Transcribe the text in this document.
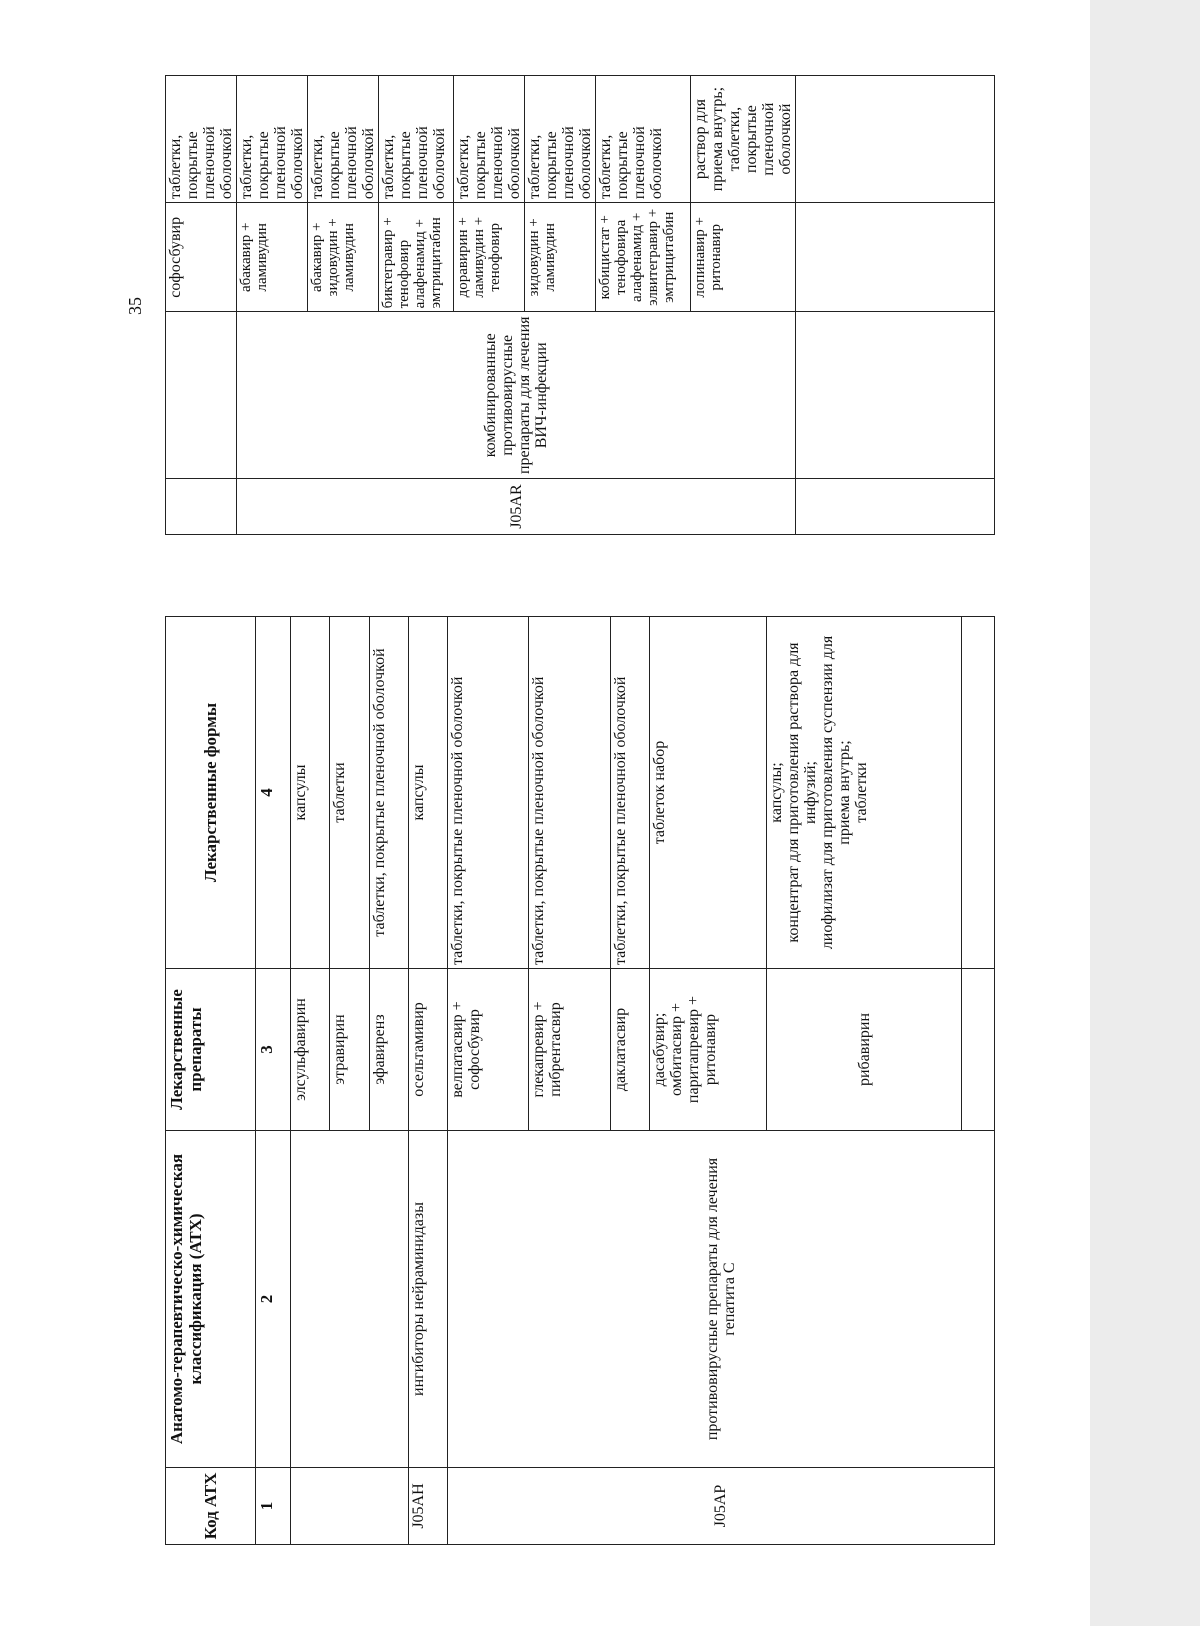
35
Код АТХ	Анатомо-терапевтическо-химическая классификация (АТХ)	Лекарственные препараты	Лекарственные формы
1	2	3	4
		элсульфавирин	капсулы
		этравирин	таблетки
		эфавиренз	таблетки, покрытые пленочной оболочкой
J05AH	ингибиторы нейраминидазы	осельтамивир	капсулы
J05AP	противовирусные препараты для лечения гепатита С	велпатасвир + софосбувир	таблетки, покрытые пленочной оболочкой
		глекапревир + пибрентасвир	таблетки, покрытые пленочной оболочкой
		даклатасвир	таблетки, покрытые пленочной оболочкой
		дасабувир; омбитасвир + паритапревир + ритонавир	таблеток набор
		рибавирин	капсулы; концентрат для приготовления раствора для инфузий; лиофилизат для приготовления суспензии для приема внутрь; таблетки

		софосбувир	таблетки, покрытые пленочной оболочкой
J05AR	комбинированные противовирусные препараты для лечения ВИЧ-инфекции	абакавир + ламивудин	таблетки, покрытые пленочной оболочкой
		абакавир + зидовудин + ламивудин	таблетки, покрытые пленочной оболочкой
		биктегравир + тенофовир алафенамид + эмтрицитабин	таблетки, покрытые пленочной оболочкой
		доравирин + ламивудин + тенофовир	таблетки, покрытые пленочной оболочкой
		зидовудин + ламивудин	таблетки, покрытые пленочной оболочкой
		кобицистат + тенофовира алафенамид + элвитегравир + эмтрицитабин	таблетки, покрытые пленочной оболочкой
		лопинавир + ритонавир	раствор для приема внутрь; таблетки, покрытые пленочной оболочкой
